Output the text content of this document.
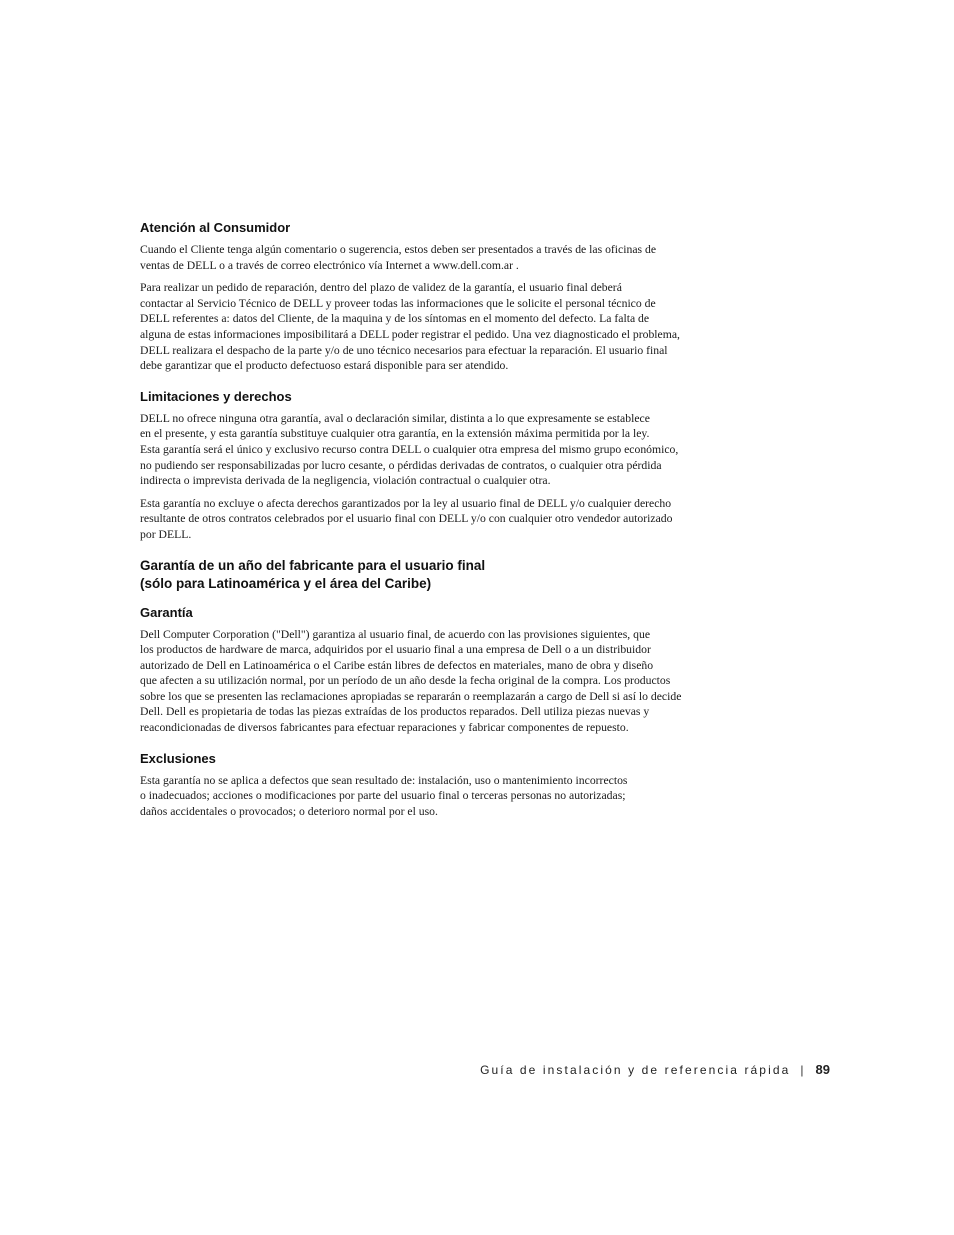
Atención al Consumidor
Cuando el Cliente tenga algún comentario o sugerencia, estos deben ser presentados a través de las oficinas de
ventas de DELL o a través de correo electrónico vía Internet a www.dell.com.ar .
Para realizar un pedido de reparación, dentro del plazo de validez de la garantía, el usuario final deberá
contactar al Servicio Técnico de DELL y proveer todas las informaciones que le solicite el personal técnico de
DELL referentes a: datos del Cliente, de la maquina y de los síntomas en el momento del defecto. La falta de
alguna de estas informaciones imposibilitará a DELL poder registrar el pedido. Una vez diagnosticado el problema,
DELL realizara el despacho de la parte y/o de uno técnico necesarios para efectuar la reparación. El usuario final
debe garantizar que el producto defectuoso estará disponible para ser atendido.
Limitaciones y derechos
DELL no ofrece ninguna otra garantía, aval o declaración similar, distinta a lo que expresamente se establece
en el presente, y esta garantía substituye cualquier otra garantía, en la extensión máxima permitida por la ley.
Esta garantía será el único y exclusivo recurso contra DELL o cualquier otra empresa del mismo grupo económico,
no pudiendo ser responsabilizadas por lucro cesante, o pérdidas derivadas de contratos, o cualquier otra pérdida
indirecta o imprevista derivada de la negligencia, violación contractual o cualquier otra.
Esta garantía no excluye o afecta derechos garantizados por la ley al usuario final de DELL y/o cualquier derecho
resultante de otros contratos celebrados por el usuario final con DELL y/o con cualquier otro vendedor autorizado
por DELL.
Garantía de un año del fabricante para el usuario final
(sólo para Latinoamérica y el área del Caribe)
Garantía
Dell Computer Corporation ("Dell") garantiza al usuario final, de acuerdo con las provisiones siguientes, que
los productos de hardware de marca, adquiridos por el usuario final a una empresa de Dell o a un distribuidor
autorizado de Dell en Latinoamérica o el Caribe están libres de defectos en materiales, mano de obra y diseño
que afecten a su utilización normal, por un período de un año desde la fecha original de la compra. Los productos
sobre los que se presenten las reclamaciones apropiadas se repararán o reemplazarán a cargo de Dell si así lo decide
Dell. Dell es propietaria de todas las piezas extraídas de los productos reparados. Dell utiliza piezas nuevas y
reacondicionadas de diversos fabricantes para efectuar reparaciones y fabricar componentes de repuesto.
Exclusiones
Esta garantía no se aplica a defectos que sean resultado de: instalación, uso o mantenimiento incorrectos
o inadecuados; acciones o modificaciones por parte del usuario final o terceras personas no autorizadas;
daños accidentales o provocados; o deterioro normal por el uso.
Guía de instalación y de referencia rápida | 89
